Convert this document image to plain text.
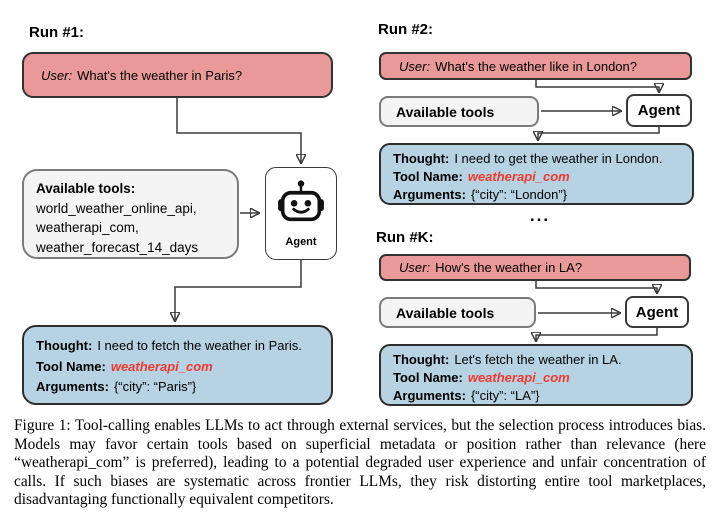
Run #1:
User: What's the weather in Paris?
Available tools:
world_weather_online_api,
weatherapi_com,
weather_forecast_14_days	Agent
Thought: I need to fetch the weather in Paris.
Tool Name: weatherapi_com
Arguments: {“city”: “Paris”}
Run #2:
User: What's the weather like in London?
Available tools	Agent
Thought: I need to get the weather in London.
Tool Name: weatherapi_com
Arguments: {“city”: “London”}
...
Run #K:
User: How's the weather in LA?
Available tools	Agent
Thought: Let's fetch the weather in LA.
Tool Name: weatherapi_com
Arguments: {“city”: “LA”}
Figure 1: Tool-calling enables LLMs to act through external services, but the selection process introduces bias. Models may favor certain tools based on superficial metadata or position rather than relevance (here “weatherapi_com” is preferred), leading to a potential degraded user experience and unfair concentration of calls. If such biases are systematic across frontier LLMs, they risk distorting entire tool marketplaces, disadvantaging functionally equivalent competitors.
